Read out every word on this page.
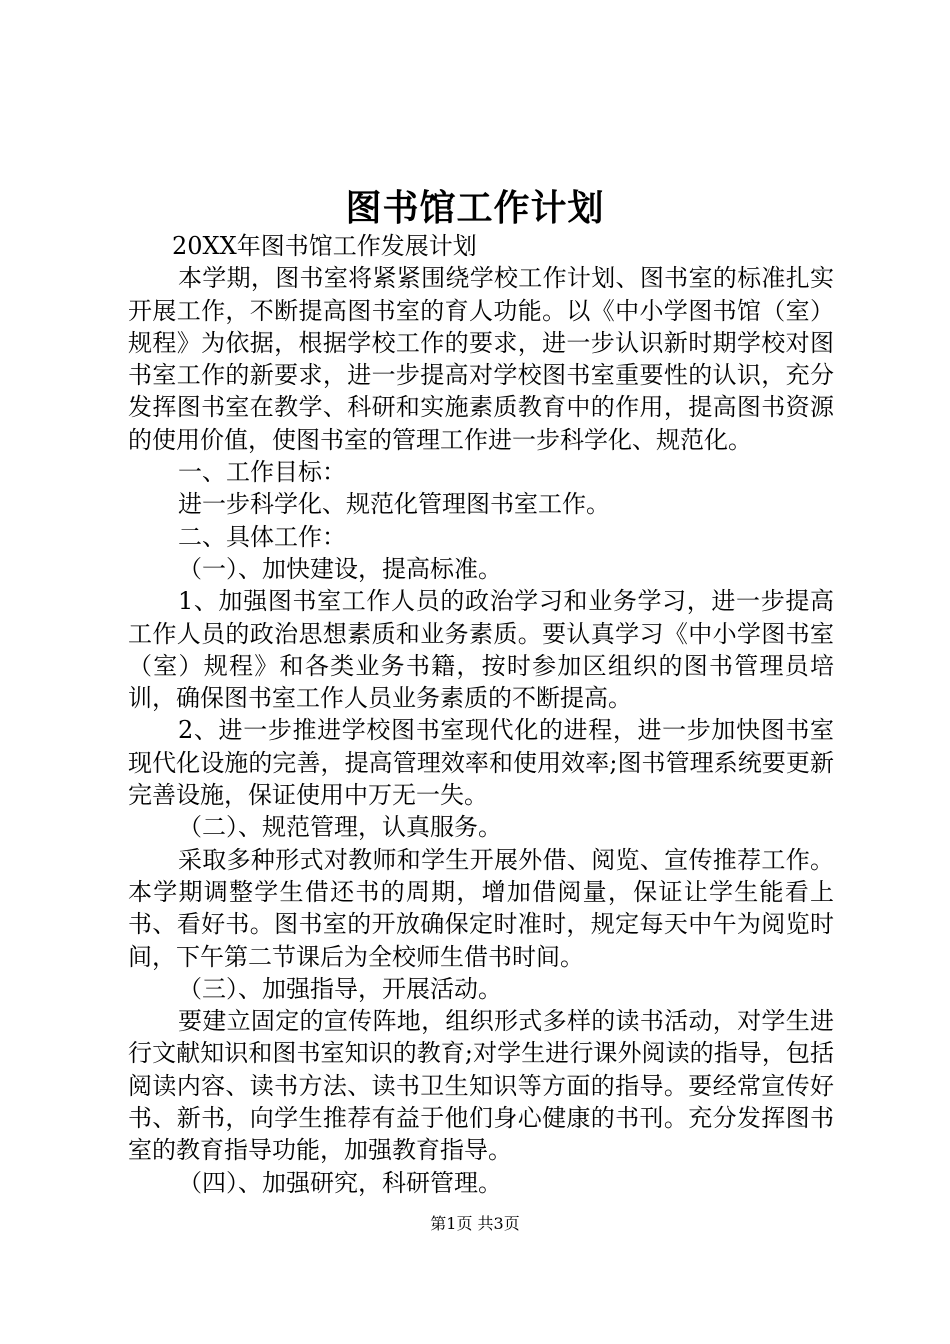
图书馆工作计划

20XX年图书馆工作发展计划

本学期，图书室将紧紧围绕学校工作计划、图书室的标准扎实开展工作，不断提高图书室的育人功能。以《中小学图书馆（室）规程》为依据，根据学校工作的要求，进一步认识新时期学校对图书室工作的新要求，进一步提高对学校图书室重要性的认识，充分发挥图书室在教学、科研和实施素质教育中的作用，提高图书资源的使用价值，使图书室的管理工作进一步科学化、规范化。

一、工作目标：

进一步科学化、规范化管理图书室工作。

二、具体工作：

（一）、加快建设，提高标准。

1、加强图书室工作人员的政治学习和业务学习，进一步提高工作人员的政治思想素质和业务素质。要认真学习《中小学图书室（室）规程》和各类业务书籍，按时参加区组织的图书管理员培训，确保图书室工作人员业务素质的不断提高。

2、进一步推进学校图书室现代化的进程，进一步加快图书室现代化设施的完善，提高管理效率和使用效率;图书管理系统要更新完善设施，保证使用中万无一失。

（二）、规范管理，认真服务。

采取多种形式对教师和学生开展外借、阅览、宣传推荐工作。本学期调整学生借还书的周期，增加借阅量，保证让学生能看上书、看好书。图书室的开放确保定时准时，规定每天中午为阅览时间，下午第二节课后为全校师生借书时间。

（三）、加强指导，开展活动。

要建立固定的宣传阵地，组织形式多样的读书活动，对学生进行文献知识和图书室知识的教育;对学生进行课外阅读的指导，包括阅读内容、读书方法、读书卫生知识等方面的指导。要经常宣传好书、新书，向学生推荐有益于他们身心健康的书刊。充分发挥图书室的教育指导功能，加强教育指导。

（四）、加强研究，科研管理。

第1页 共3页
